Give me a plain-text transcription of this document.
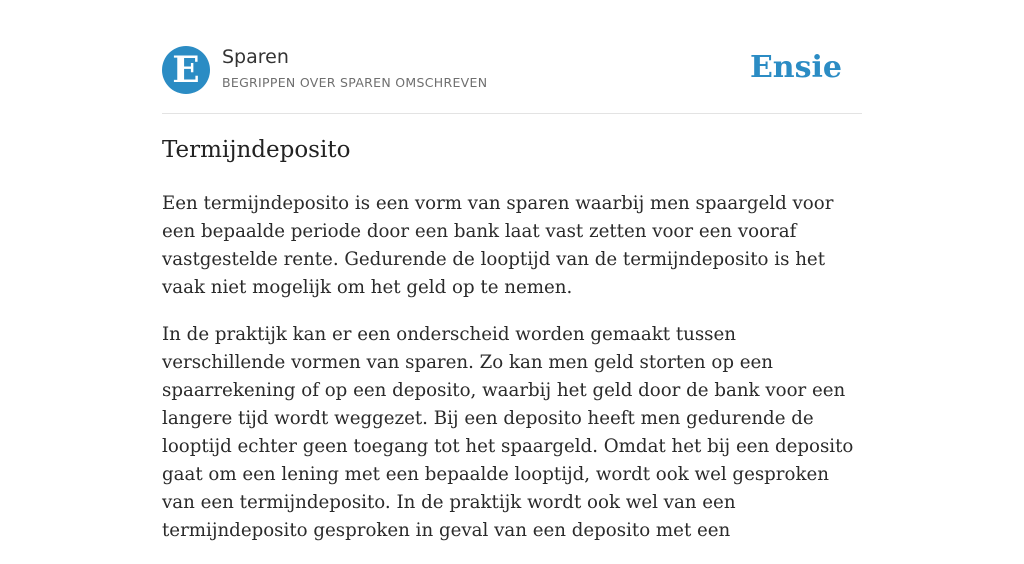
E	Sparen
BEGRIPPEN OVER SPAREN OMSCHREVEN	Ensie
Termijndeposito

Een termijndeposito is een vorm van sparen waarbij men spaargeld voor een bepaalde periode door een bank laat vast zetten voor een vooraf vastgestelde rente. Gedurende de looptijd van de termijndeposito is het vaak niet mogelijk om het geld op te nemen.

In de praktijk kan er een onderscheid worden gemaakt tussen verschillende vormen van sparen. Zo kan men geld storten op een spaarrekening of op een deposito, waarbij het geld door de bank voor een langere tijd wordt weggezet. Bij een deposito heeft men gedurende de looptijd echter geen toegang tot het spaargeld. Omdat het bij een deposito gaat om een lening met een bepaalde looptijd, wordt ook wel gesproken van een termijndeposito. In de praktijk wordt ook wel van een termijndeposito gesproken in geval van een deposito met een
